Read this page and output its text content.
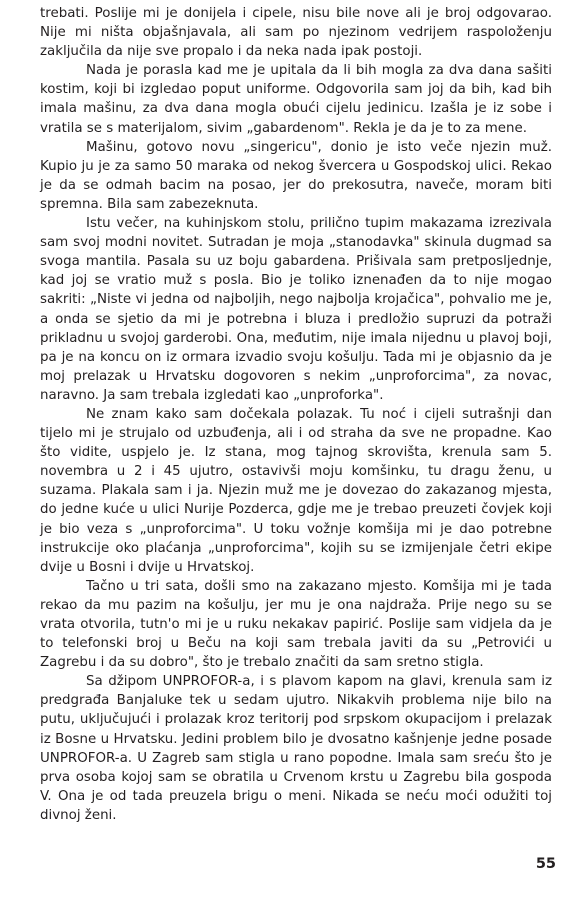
trebati. Poslije mi je donijela i cipele, nisu bile nove ali je broj odgovarao. Nije mi ništa objašnjavala, ali sam po njezinom vedrijem raspoloženju zaključila da nije sve propalo i da neka nada ipak postoji.

Nada je porasla kad me je upitala da li bih mogla za dva dana sašiti kostim, koji bi izgledao poput uniforme. Odgovorila sam joj da bih, kad bih imala mašinu, za dva dana mogla obući cijelu jedinicu. Izašla je iz sobe i vratila se s materijalom, sivim „gabardenom". Rekla je da je to za mene.

Mašinu, gotovo novu „singericu", donio je isto veče njezin muž. Kupio ju je za samo 50 maraka od nekog švercera u Gospodskoj ulici. Rekao je da se odmah bacim na posao, jer do prekosutra, naveče, moram biti spremna. Bila sam zabezeknuta.

Istu večer, na kuhinjskom stolu, prilično tupim makazama izrezivala sam svoj modni novitet. Sutradan je moja „stanodavka" skinula dugmad sa svoga mantila. Pasala su uz boju gabardena. Prišivala sam pretposljednje, kad joj se vratio muž s posla. Bio je toliko iznenađen da to nije mogao sakriti: „Niste vi jedna od najboljih, nego najbolja krojačica", pohvalio me je, a onda se sjetio da mi je potrebna i bluza i predložio supruzi da potraži prikladnu u svojoj garderobi. Ona, međutim, nije imala nijednu u plavoj boji, pa je na koncu on iz ormara izvadio svoju košulju. Tada mi je objasnio da je moj prelazak u Hrvatsku dogovoren s nekim „unproforcima", za novac, naravno. Ja sam trebala izgledati kao „unproforka".

Ne znam kako sam dočekala polazak. Tu noć i cijeli sutrašnji dan tijelo mi je strujalo od uzbuđenja, ali i od straha da sve ne propadne. Kao što vidite, uspjelo je. Iz stana, mog tajnog skrovišta, krenula sam 5. novembra u 2 i 45 ujutro, ostavivši moju komšinku, tu dragu ženu, u suzama. Plakala sam i ja. Njezin muž me je dovezao do zakazanog mjesta, do jedne kuće u ulici Nurije Pozderca, gdje me je trebao preuzeti čovjek koji je bio veza s „unproforcima". U toku vožnje komšija mi je dao potrebne instrukcije oko plaćanja „unproforcima", kojih su se izmijenjale četri ekipe dvije u Bosni i dvije u Hrvatskoj.

Tačno u tri sata, došli smo na zakazano mjesto. Komšija mi je tada rekao da mu pazim na košulju, jer mu je ona najdraža. Prije nego su se vrata otvorila, tutn'o mi je u ruku nekakav papirić. Poslije sam vidjela da je to telefonski broj u Beču na koji sam trebala javiti da su „Petrovići u Zagrebu i da su dobro", što je trebalo značiti da sam sretno stigla.

Sa džipom UNPROFOR-a, i s plavom kapom na glavi, krenula sam iz predgrađa Banjaluke tek u sedam ujutro. Nikakvih problema nije bilo na putu, uključujući i prolazak kroz teritorij pod srpskom okupacijom i prelazak iz Bosne u Hrvatsku. Jedini problem bilo je dvosatno kašnjenje jedne posade UNPROFOR-a. U Zagreb sam stigla u rano popodne. Imala sam sreću što je prva osoba kojoj sam se obratila u Crvenom krstu u Zagrebu bila gospoda V. Ona je od tada preuzela brigu o meni. Nikada se neću moći odužiti toj divnoj ženi.

55
